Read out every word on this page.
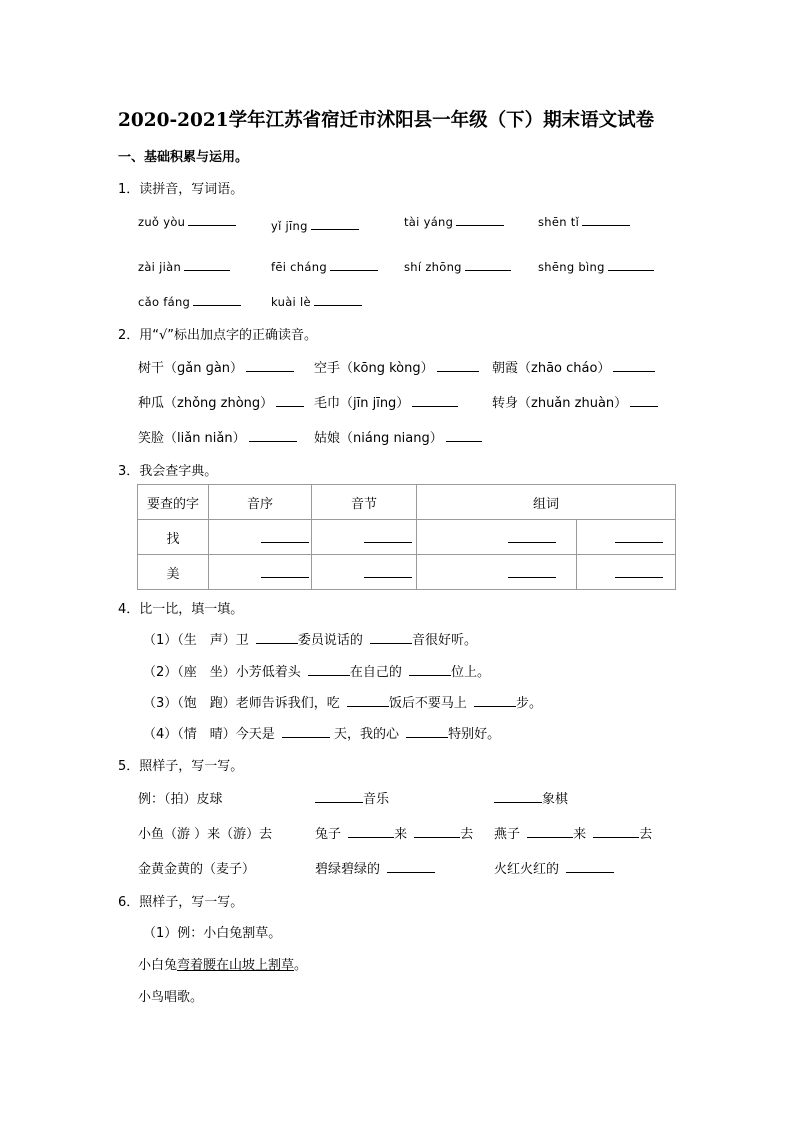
2020-2021学年江苏省宿迁市沭阳县一年级（下）期末语文试卷
一、基础积累与运用。
1．读拼音，写词语。
zuǒ yòu	yǐ jīng	tài yáng	shēn tǐ
zài jiàn	fēi cháng	shí zhōng	shēng bìng
cǎo fáng	kuài lè
2．用“√”标出加点字的正确读音。
树干（ɡǎn ɡàn）	空手（kōng kòng）	朝霞（zhāo cháo）
种瓜（zhǒng zhòng）	毛巾（jīn jīng）	转身（zhuǎn zhuàn）
笑脸（liǎn niǎn）	姑娘（niáng niang）
3．我会查字典。
要查的字	音序	音节	组词	
找				
美				
4．比一比，填一填。
（1）（生　声）卫	委员说话的	音很好听。
（2）（座　坐）小芳低着头	在自己的	位上。
（3）（饱　跑）老师告诉我们，吃	饭后不要马上	步。
（4）（情　晴）今天是	天，我的心	特别好。
5．照样子，写一写。
例：（拍）皮球	音乐	象棋
小鱼（游 ）来（游）去	兔子	来	去 燕子	来	去
金黄金黄的（麦子）	碧绿碧绿的	火红火红的
6．照样子，写一写。
（1）例：小白兔割草。
小白兔弯着腰在山坡上割草。
小鸟唱歌。
